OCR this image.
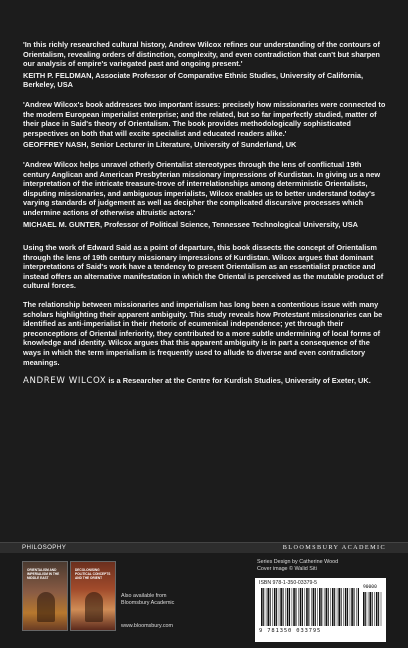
'In this richly researched cultural history, Andrew Wilcox refines our understanding of the contours of Orientalism, revealing orders of distinction, complexity, and even contradiction that can't but sharpen our analysis of empire's variegated past and ongoing present.'

KEITH P. FELDMAN, Associate Professor of Comparative Ethnic Studies, University of California, Berkeley, USA

'Andrew Wilcox's book addresses two important issues: precisely how missionaries were connected to the modern European imperialist enterprise; and the related, but so far imperfectly studied, matter of their place in Said's theory of Orientalism. The book provides methodologically sophisticated perspectives on both that will excite specialist and educated readers alike.'

GEOFFREY NASH, Senior Lecturer in Literature, University of Sunderland, UK

'Andrew Wilcox helps unravel otherly Orientalist stereotypes through the lens of conflictual 19th century Anglican and American Presbyterian missionary impressions of Kurdistan. In giving us a new interpretation of the intricate treasure-trove of interrelationships among deterministic Orientalists, disputing missionaries, and ambiguous imperialists, Wilcox enables us to better understand today's varying standards of judgement as well as decipher the complicated discursive processes which undermine actions of otherwise altruistic actors.'

MICHAEL M. GUNTER, Professor of Political Science, Tennessee Technological University, USA

Using the work of Edward Said as a point of departure, this book dissects the concept of Orientalism through the lens of 19th century missionary impressions of Kurdistan. Wilcox argues that dominant interpretations of Said's work have a tendency to present Orientalism as an essentialist practice and instead offers an alternative manifestation in which the Oriental is perceived as the mutable product of cultural forces.

The relationship between missionaries and imperialism has long been a contentious issue with many scholars highlighting their apparent ambiguity. This study reveals how Protestant missionaries can be identified as anti-imperialist in their rhetoric of ecumenical independence; yet through their preconceptions of Oriental inferiority, they contributed to a more subtle undermining of local forms of knowledge and identity. Wilcox argues that this apparent ambiguity is in part a consequence of the ways in which the term imperialism is frequently used to allude to diverse and even contradictory meanings.

ANDREW WILCOX is a Researcher at the Centre for Kurdish Studies, University of Exeter, UK.

PHILOSOPHY	BLOOMSBURY ACADEMIC
ORIENTALISM AND IMPERIALISM IN THE MIDDLE EAST
DECOLONISING POLITICAL CONCEPTS AND THE ORIENT
Also available from Bloomsbury Academic
www.bloomsbury.com
Series Design by Catherine Wood
Cover image © Walid Siti
ISBN 978-1-350-03379-5
9 781350 033795
90000
